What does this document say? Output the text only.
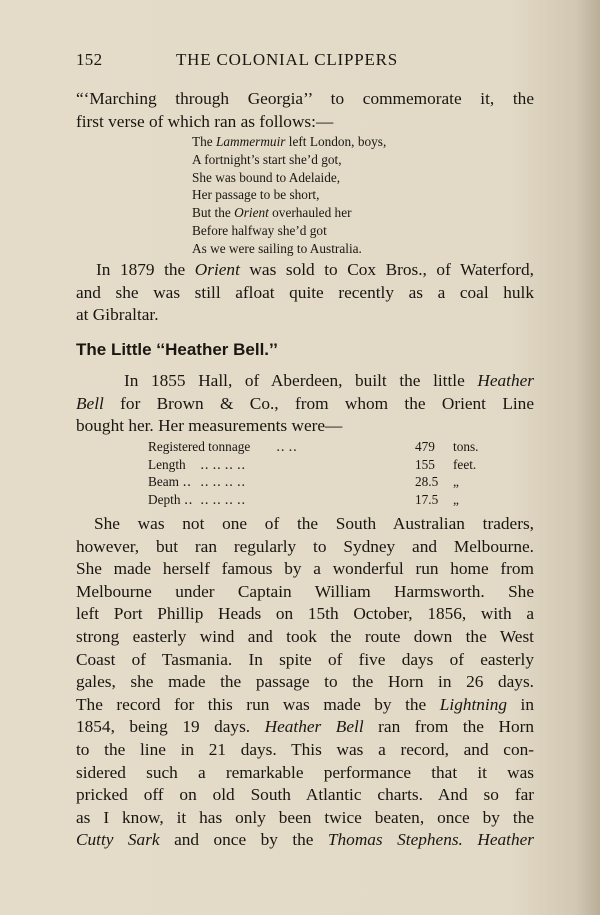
152	THE COLONIAL CLIPPERS
“‘Marching through Georgia’’ to commemorate it, the
first verse of which ran as follows:—
The Lammermuir left London, boys,
A fortnight’s start she’d got,
She was bound to Adelaide,
Her passage to be short,
But the Orient overhauled her
Before halfway she’d got
As we were sailing to Australia.
In 1879 the Orient was sold to Cox Bros., of Waterford,
and she was still afloat quite recently as a coal hulk
at Gibraltar.
The Little ‘‘Heather Bell.’’
In 1855 Hall, of Aberdeen, built the little Heather
Bell for Brown & Co., from whom the Orient Line
bought her. Her measurements were—
Registered tonnage ‥ ‥	479 tons.
Length ‥ ‥ ‥ ‥	155 feet.
Beam ‥ ‥ ‥ ‥ ‥	28.5 „
Depth ‥ ‥ ‥ ‥ ‥	17.5 „
She was not one of the South Australian traders,
however, but ran regularly to Sydney and Melbourne.
She made herself famous by a wonderful run home from
Melbourne under Captain William Harmsworth. She
left Port Phillip Heads on 15th October, 1856, with a
strong easterly wind and took the route down the West
Coast of Tasmania. In spite of five days of easterly
gales, she made the passage to the Horn in 26 days.
The record for this run was made by the Lightning in
1854, being 19 days. Heather Bell ran from the Horn
to the line in 21 days. This was a record, and con-
sidered such a remarkable performance that it was
pricked off on old South Atlantic charts. And so far
as I know, it has only been twice beaten, once by the
Cutty Sark and once by the Thomas Stephens. Heather
